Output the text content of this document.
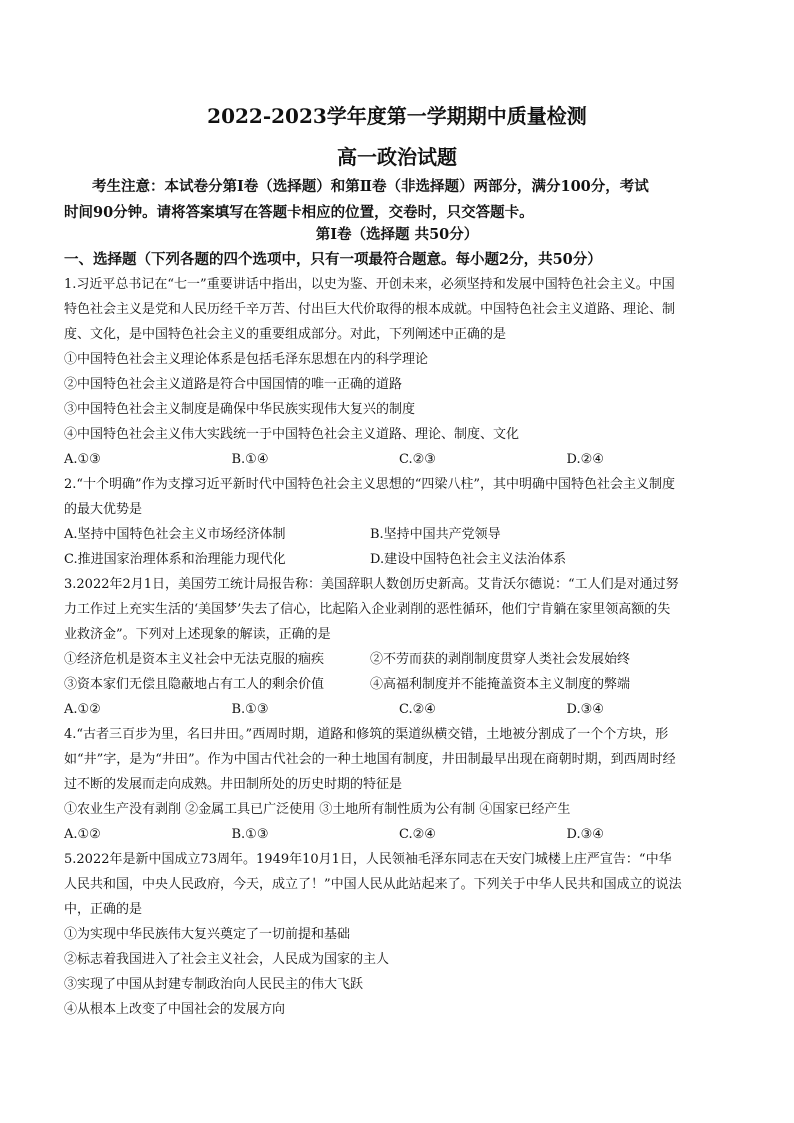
2022-2023学年度第一学期期中质量检测
高一政治试题
考生注意：本试卷分第Ⅰ卷（选择题）和第Ⅱ卷（非选择题）两部分，满分100分，考试
时间90分钟。请将答案填写在答题卡相应的位置，交卷时，只交答题卡。
第Ⅰ卷（选择题 共50分）
一、选择题（下列各题的四个选项中，只有一项最符合题意。每小题2分，共50分）

1.习近平总书记在“七一”重要讲话中指出，以史为鉴、开创未来，必须坚持和发展中国特色社会主义。中国

特色社会主义是党和人民历经千辛万苦、付出巨大代价取得的根本成就。中国特色社会主义道路、理论、制

度、文化，是中国特色社会主义的重要组成部分。对此，下列阐述中正确的是

①中国特色社会主义理论体系是包括毛泽东思想在内的科学理论

②中国特色社会主义道路是符合中国国情的唯一正确的道路

③中国特色社会主义制度是确保中华民族实现伟大复兴的制度

④中国特色社会主义伟大实践统一于中国特色社会主义道路、理论、制度、文化

A.①③	B.①④	C.②③	D.②④

2.“十个明确”作为支撑习近平新时代中国特色社会主义思想的“四梁八柱”，其中明确中国特色社会主义制度

的最大优势是

A.坚持中国特色社会主义市场经济体制	B.坚持中国共产党领导

C.推进国家治理体系和治理能力现代化	D.建设中国特色社会主义法治体系

3.2022年2月1日，美国劳工统计局报告称：美国辞职人数创历史新高。艾肯沃尔德说：“工人们是对通过努

力工作过上充实生活的‘美国梦’失去了信心，比起陷入企业剥削的恶性循环，他们宁肯躺在家里领高额的失

业救济金”。下列对上述现象的解读，正确的是

①经济危机是资本主义社会中无法克服的痼疾	②不劳而获的剥削制度贯穿人类社会发展始终

③资本家们无偿且隐蔽地占有工人的剩余价值	④高福利制度并不能掩盖资本主义制度的弊端

A.①②	B.①③	C.②④	D.③④

4.“古者三百步为里，名曰井田。”西周时期，道路和修筑的渠道纵横交错，土地被分割成了一个个方块，形

如“井”字，是为“井田”。作为中国古代社会的一种土地国有制度，井田制最早出现在商朝时期，到西周时经

过不断的发展而走向成熟。井田制所处的历史时期的特征是

①农业生产没有剥削 ②金属工具已广泛使用 ③土地所有制性质为公有制 ④国家已经产生

A.①②	B.①③	C.②④	D.③④

5.2022年是新中国成立73周年。1949年10月1日，人民领袖毛泽东同志在天安门城楼上庄严宣告：“中华

人民共和国，中央人民政府，今天，成立了！”中国人民从此站起来了。下列关于中华人民共和国成立的说法

中，正确的是

①为实现中华民族伟大复兴奠定了一切前提和基础

②标志着我国进入了社会主义社会，人民成为国家的主人

③实现了中国从封建专制政治向人民民主的伟大飞跃

④从根本上改变了中国社会的发展方向
